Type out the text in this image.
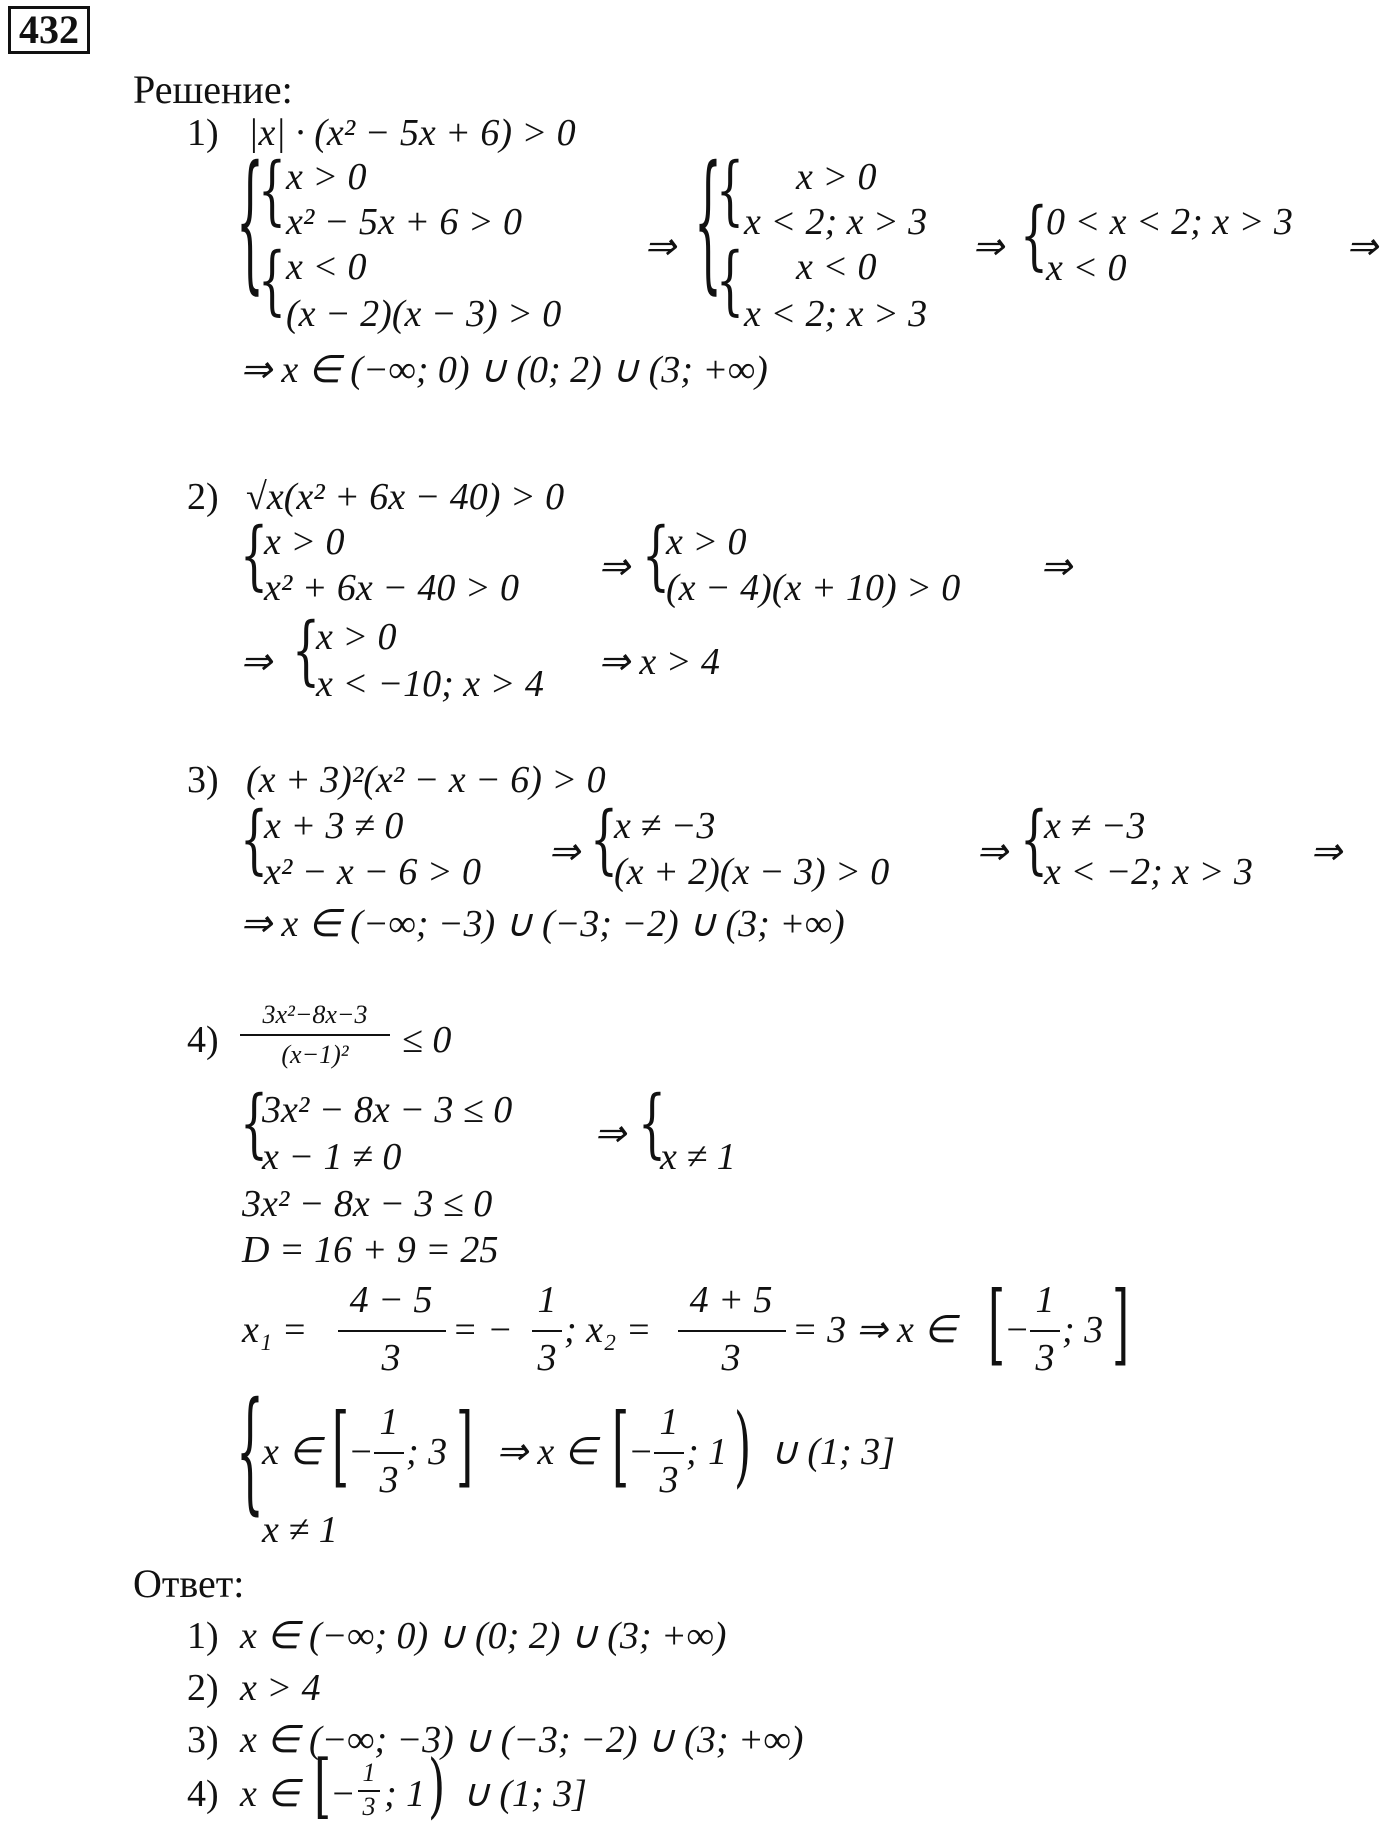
432
Решение:
1) |x| · (x² − 5x + 6) > 0
{
{ x > 0
x² − 5x + 6 > 0
{ x < 0
(x − 2)(x − 3) > 0
⇒ {
{ x > 0
x < 2; x > 3
{ x < 0
x < 2; x > 3
⇒ {
0 < x < 2; x > 3
x < 0	⇒
⇒ x ∈ (−∞; 0) ∪ (0; 2) ∪ (3; +∞)
2) √x(x² + 6x − 40) > 0
{
x > 0
x² + 6x − 40 > 0 ⇒ {
x > 0
(x − 4)(x + 10) > 0 ⇒
⇒ {
x > 0
x < −10; x > 4
⇒ x > 4
3) (x + 3)²(x² − x − 6) > 0
{
x + 3 ≠ 0
x² − x − 6 > 0 ⇒ {
x ≠ −3
(x + 2)(x − 3) > 0 ⇒ {
x ≠ −3
x < −2; x > 3 ⇒
⇒ x ∈ (−∞; −3) ∪ (−3; −2) ∪ (3; +∞)
4)
3x²−8x−3
(x−1)²	≤ 0
{
3x² − 8x − 3 ≤ 0
x − 1 ≠ 0
⇒ {
x ≠ 1
3x² − 8x − 3 ≤ 0
D = 16 + 9 = 25
x₁ =
4 − 5
3
= −
1
3
; x₂ =
4 + 5
3
= 3 ⇒ x ∈ [
−
1
3
; 3 ]
{
x ∈ [
−
1
3
; 3 ]
x ≠ 1
⇒ x ∈ [
−
1
3
; 1 ) ∪ (1; 3]
Ответ:
1) x ∈ (−∞; 0) ∪ (0; 2) ∪ (3; +∞)
2) x > 4
3) x ∈ (−∞; −3) ∪ (−3; −2) ∪ (3; +∞)
4) x ∈ [
−
1
3 ; 1 ) ∪ (1; 3]
